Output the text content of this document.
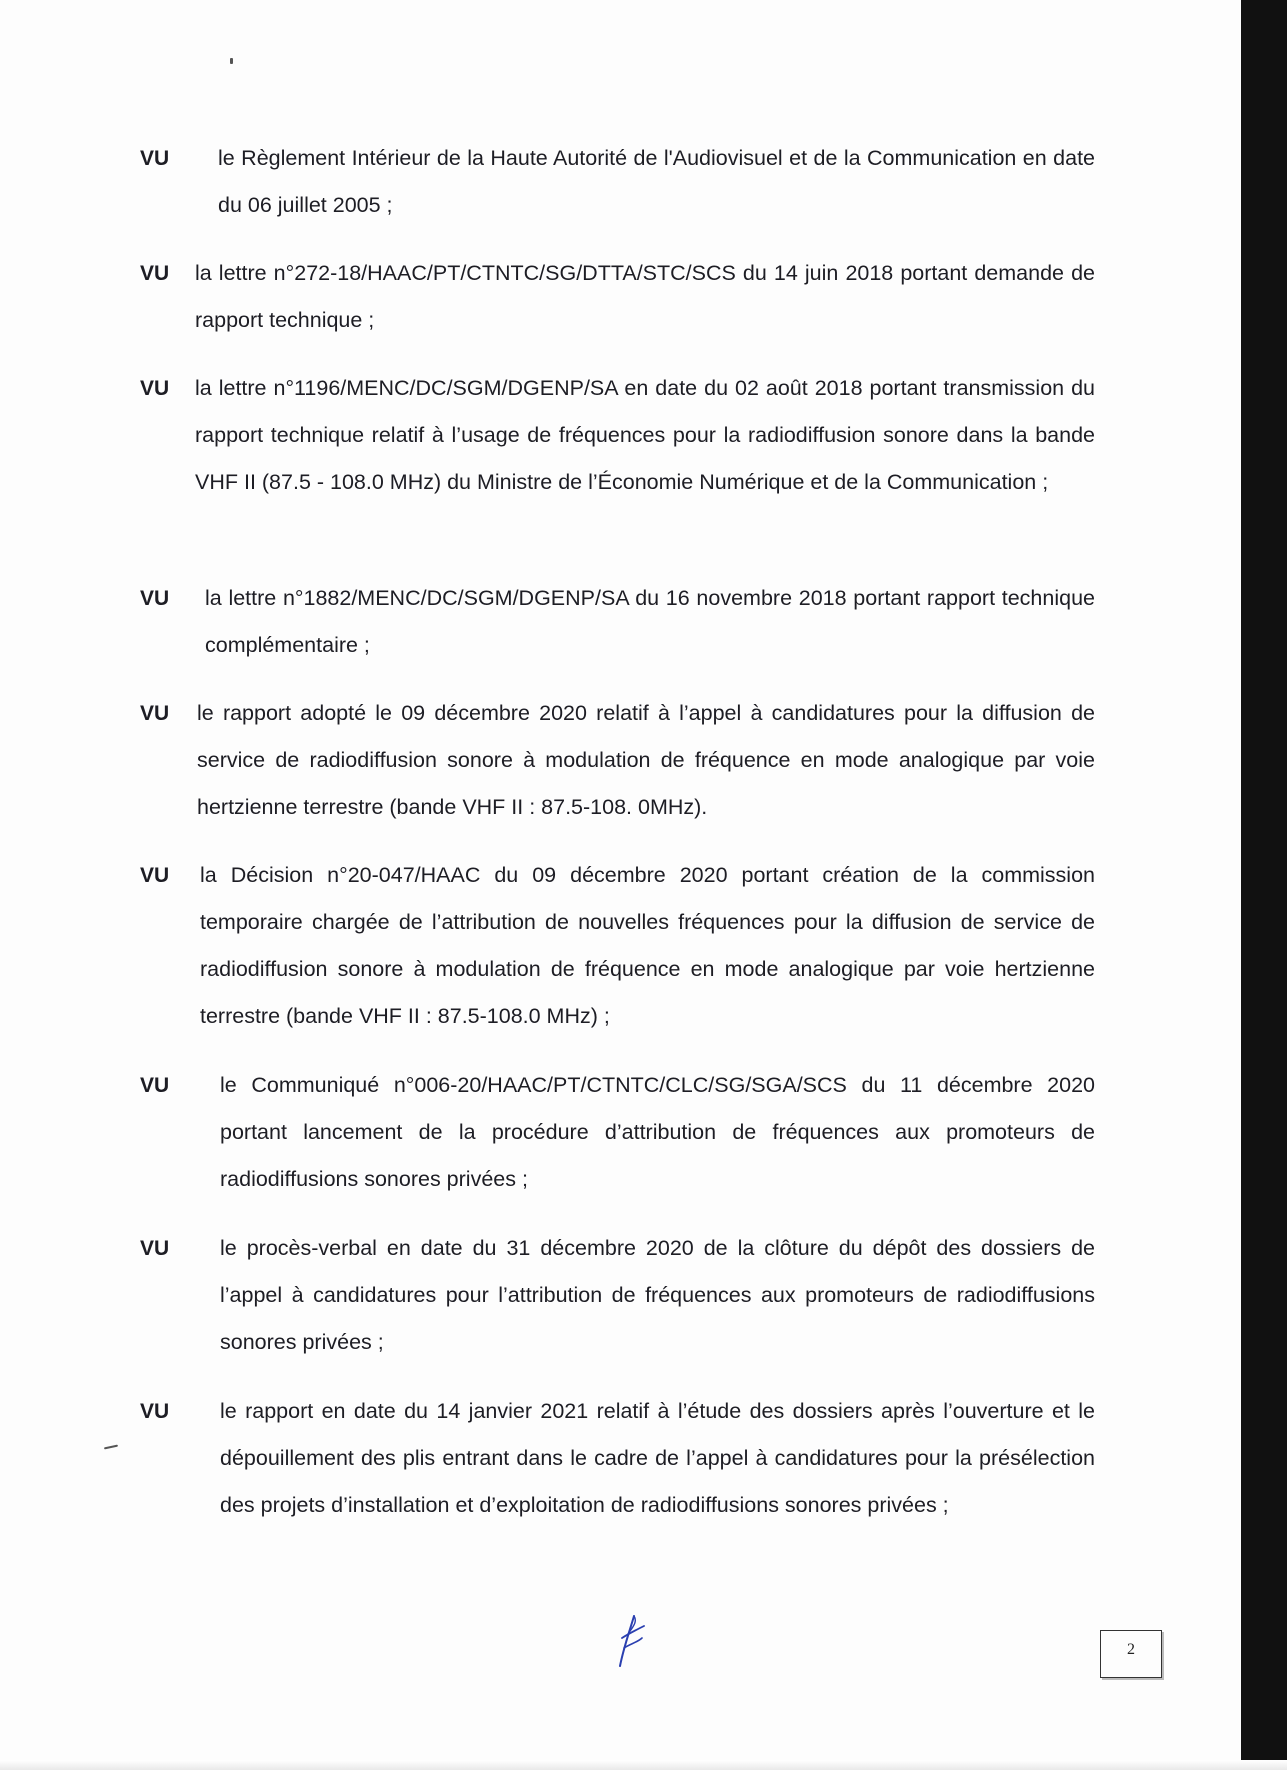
VU	le Règlement Intérieur de la Haute Autorité de l'Audiovisuel et de la Communication en date du 06 juillet 2005 ;
VU	la lettre n°272-18/HAAC/PT/CTNTC/SG/DTTA/STC/SCS du 14 juin 2018 portant demande de rapport technique ;
VU	la lettre n°1196/MENC/DC/SGM/DGENP/SA en date du 02 août 2018 portant transmission du rapport technique relatif à l’usage de fréquences pour la radiodiffusion sonore dans la bande VHF II (87.5 - 108.0 MHz) du Ministre de l’Économie Numérique et de la Communication ;
VU	la lettre n°1882/MENC/DC/SGM/DGENP/SA du 16 novembre 2018 portant rapport technique complémentaire ;
VU	le rapport adopté le 09 décembre 2020 relatif à l’appel à candidatures pour la diffusion de service de radiodiffusion sonore à modulation de fréquence en mode analogique par voie hertzienne terrestre (bande VHF II : 87.5-108. 0MHz).
VU	la Décision n°20-047/HAAC du 09 décembre 2020 portant création de la commission temporaire chargée de l’attribution de nouvelles fréquences pour la diffusion de service de radiodiffusion sonore à modulation de fréquence en mode analogique par voie hertzienne terrestre (bande VHF II : 87.5-108.0 MHz) ;
VU	le Communiqué n°006-20/HAAC/PT/CTNTC/CLC/SG/SGA/SCS du 11 décembre 2020 portant lancement de la procédure d’attribution de fréquences aux promoteurs de radiodiffusions sonores privées ;
VU	le procès-verbal en date du 31 décembre 2020 de la clôture du dépôt des dossiers de l’appel à candidatures pour l’attribution de fréquences aux promoteurs de radiodiffusions sonores privées ;
VU	le rapport en date du 14 janvier 2021 relatif à l’étude des dossiers après l’ouverture et le dépouillement des plis entrant dans le cadre de l’appel à candidatures pour la présélection des projets d’installation et d’exploitation de radiodiffusions sonores privées ;
2
